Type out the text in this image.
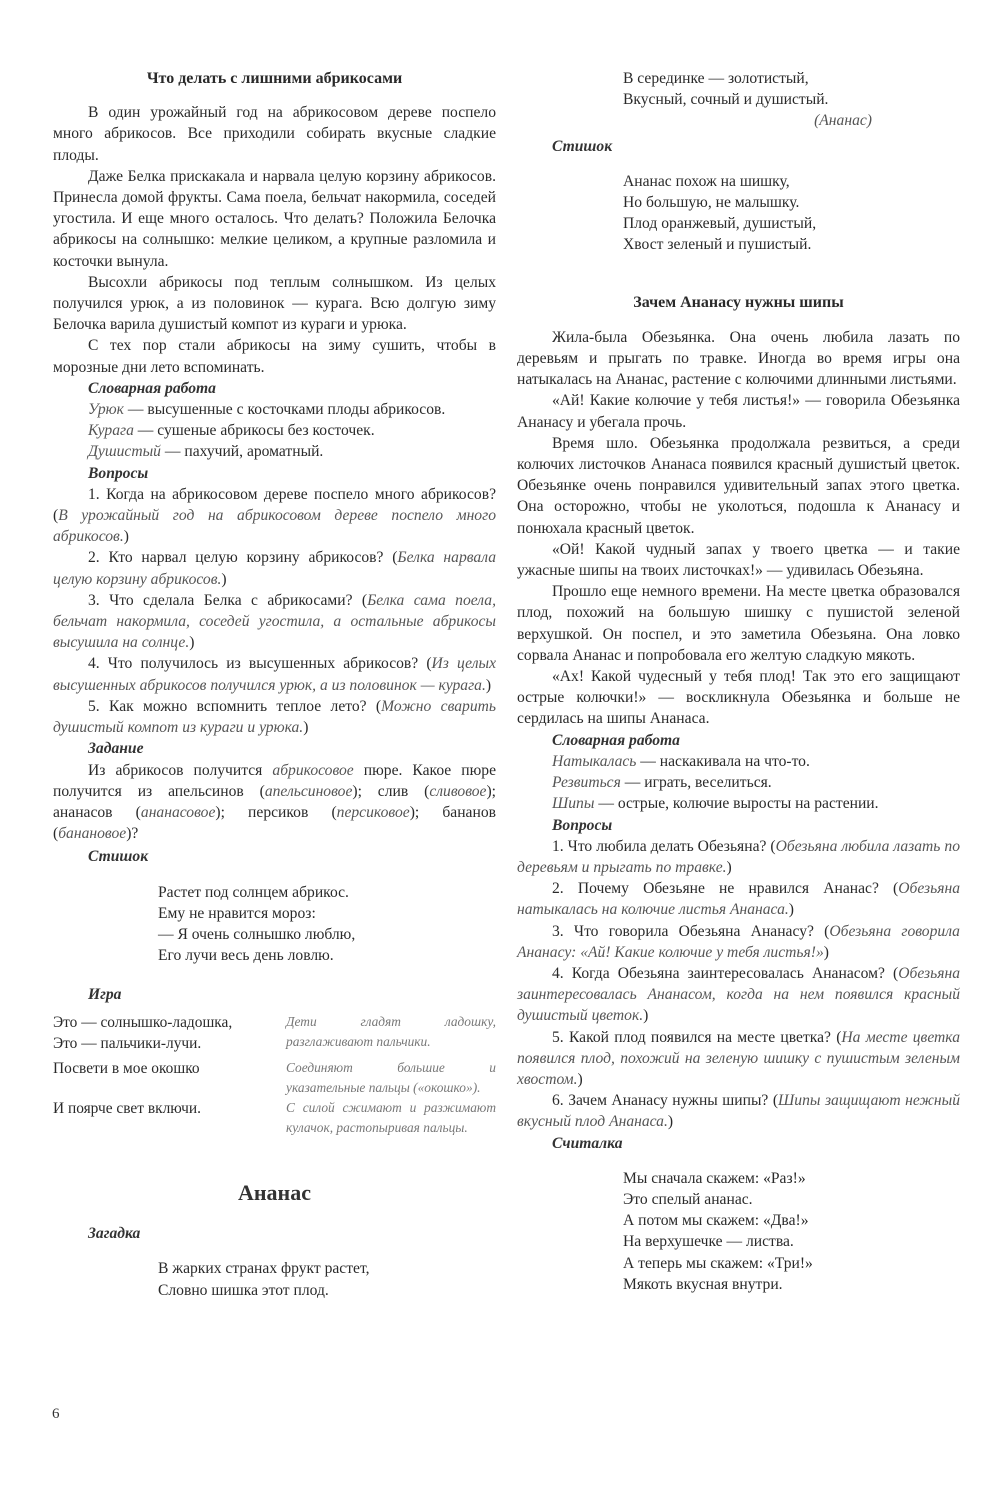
Что делать с лишними абрикосами

В один урожайный год на абрикосовом дереве поспело много абрикосов. Все приходили собирать вкусные сладкие плоды.

Даже Белка прискакала и нарвала целую корзину абрикосов. Принесла домой фрукты. Сама поела, бельчат накормила, соседей угостила. И еще много осталось. Что делать? Положила Белочка абрикосы на солнышко: мелкие целиком, а крупные разломила и косточки вынула.

Высохли абрикосы под теплым солнышком. Из целых получился урюк, а из половинок — курага. Всю долгую зиму Белочка варила душистый компот из кураги и урюка.

С тех пор стали абрикосы на зиму сушить, чтобы в морозные дни лето вспоминать.

Словарная работа

Урюк — высушенные с косточками плоды абрикосов.

Курага — сушеные абрикосы без косточек.

Душистый — пахучий, ароматный.

Вопросы

1. Когда на абрикосовом дереве поспело много абрикосов? (В урожайный год на абрикосовом дереве поспело много абрикосов.)

2. Кто нарвал целую корзину абрикосов? (Белка нарвала целую корзину абрикосов.)

3. Что сделала Белка с абрикосами? (Белка сама поела, бельчат накормила, соседей угостила, а остальные абрикосы высушила на солнце.)

4. Что получилось из высушенных абрикосов? (Из целых высушенных абрикосов получился урюк, а из половинок — курага.)

5. Как можно вспомнить теплое лето? (Можно сварить душистый компот из кураги и урюка.)

Задание

Из абрикосов получится абрикосовое пюре. Какое пюре получится из апельсинов (апельсиновое); слив (сливовое); ананасов (ананасовое); персиков (персиковое); бананов (банановое)?

Стишок
Растет под солнцем абрикос.
Ему не нравится мороз:
— Я очень солнышко люблю,
Его лучи весь день ловлю.
Игра
Это — солнышко-ладошка,
Это — пальчики-лучи.	Дети гладят ладошку, разглаживают пальчики.
Посвети в мое окошко	Соединяют большие и указательные пальцы («окошко»).
И поярче свет включи.	С силой сжимают и разжимают кулачок, растопыривая пальцы.
Ананас
Загадка
В жарких странах фрукт растет,
Словно шишка этот плод.
В серединке — золотистый,
Вкусный, сочный и душистый.
(Ананас)
Стишок
Ананас похож на шишку,
Но большую, не малышку.
Плод оранжевый, душистый,
Хвост зеленый и пушистый.
Зачем Ананасу нужны шипы

Жила-была Обезьянка. Она очень любила лазать по деревьям и прыгать по травке. Иногда во время игры она натыкалась на Ананас, растение с колючими длинными листьями.

«Ай! Какие колючие у тебя листья!» — говорила Обезьянка Ананасу и убегала прочь.

Время шло. Обезьянка продолжала резвиться, а среди колючих листочков Ананаса появился красный душистый цветок. Обезьянке очень понравился удивительный запах этого цветка. Она осторожно, чтобы не уколоться, подошла к Ананасу и понюхала красный цветок.

«Ой! Какой чудный запах у твоего цветка — и такие ужасные шипы на твоих листочках!» — удивилась Обезьяна.

Прошло еще немного времени. На месте цветка образовался плод, похожий на большую шишку с пушистой зеленой верхушкой. Он поспел, и это заметила Обезьяна. Она ловко сорвала Ананас и попробовала его желтую сладкую мякоть.

«Ах! Какой чудесный у тебя плод! Так это его защищают острые колючки!» — воскликнула Обезьянка и больше не сердилась на шипы Ананаса.

Словарная работа

Натыкалась — наскакивала на что-то.

Резвиться — играть, веселиться.

Шипы — острые, колючие выросты на растении.

Вопросы

1. Что любила делать Обезьяна? (Обезьяна любила лазать по деревьям и прыгать по травке.)

2. Почему Обезьяне не нравился Ананас? (Обезьяна натыкалась на колючие листья Ананаса.)

3. Что говорила Обезьяна Ананасу? (Обезьяна говорила Ананасу: «Ай! Какие колючие у тебя листья!»)

4. Когда Обезьяна заинтересовалась Ананасом? (Обезьяна заинтересовалась Ананасом, когда на нем появился красный душистый цветок.)

5. Какой плод появился на месте цветка? (На месте цветка появился плод, похожий на зеленую шишку с пушистым зеленым хвостом.)

6. Зачем Ананасу нужны шипы? (Шипы защищают нежный вкусный плод Ананаса.)

Считалка
Мы сначала скажем: «Раз!»
Это спелый ананас.
А потом мы скажем: «Два!»
На верхушечке — листва.
А теперь мы скажем: «Три!»
Мякоть вкусная внутри.
6
